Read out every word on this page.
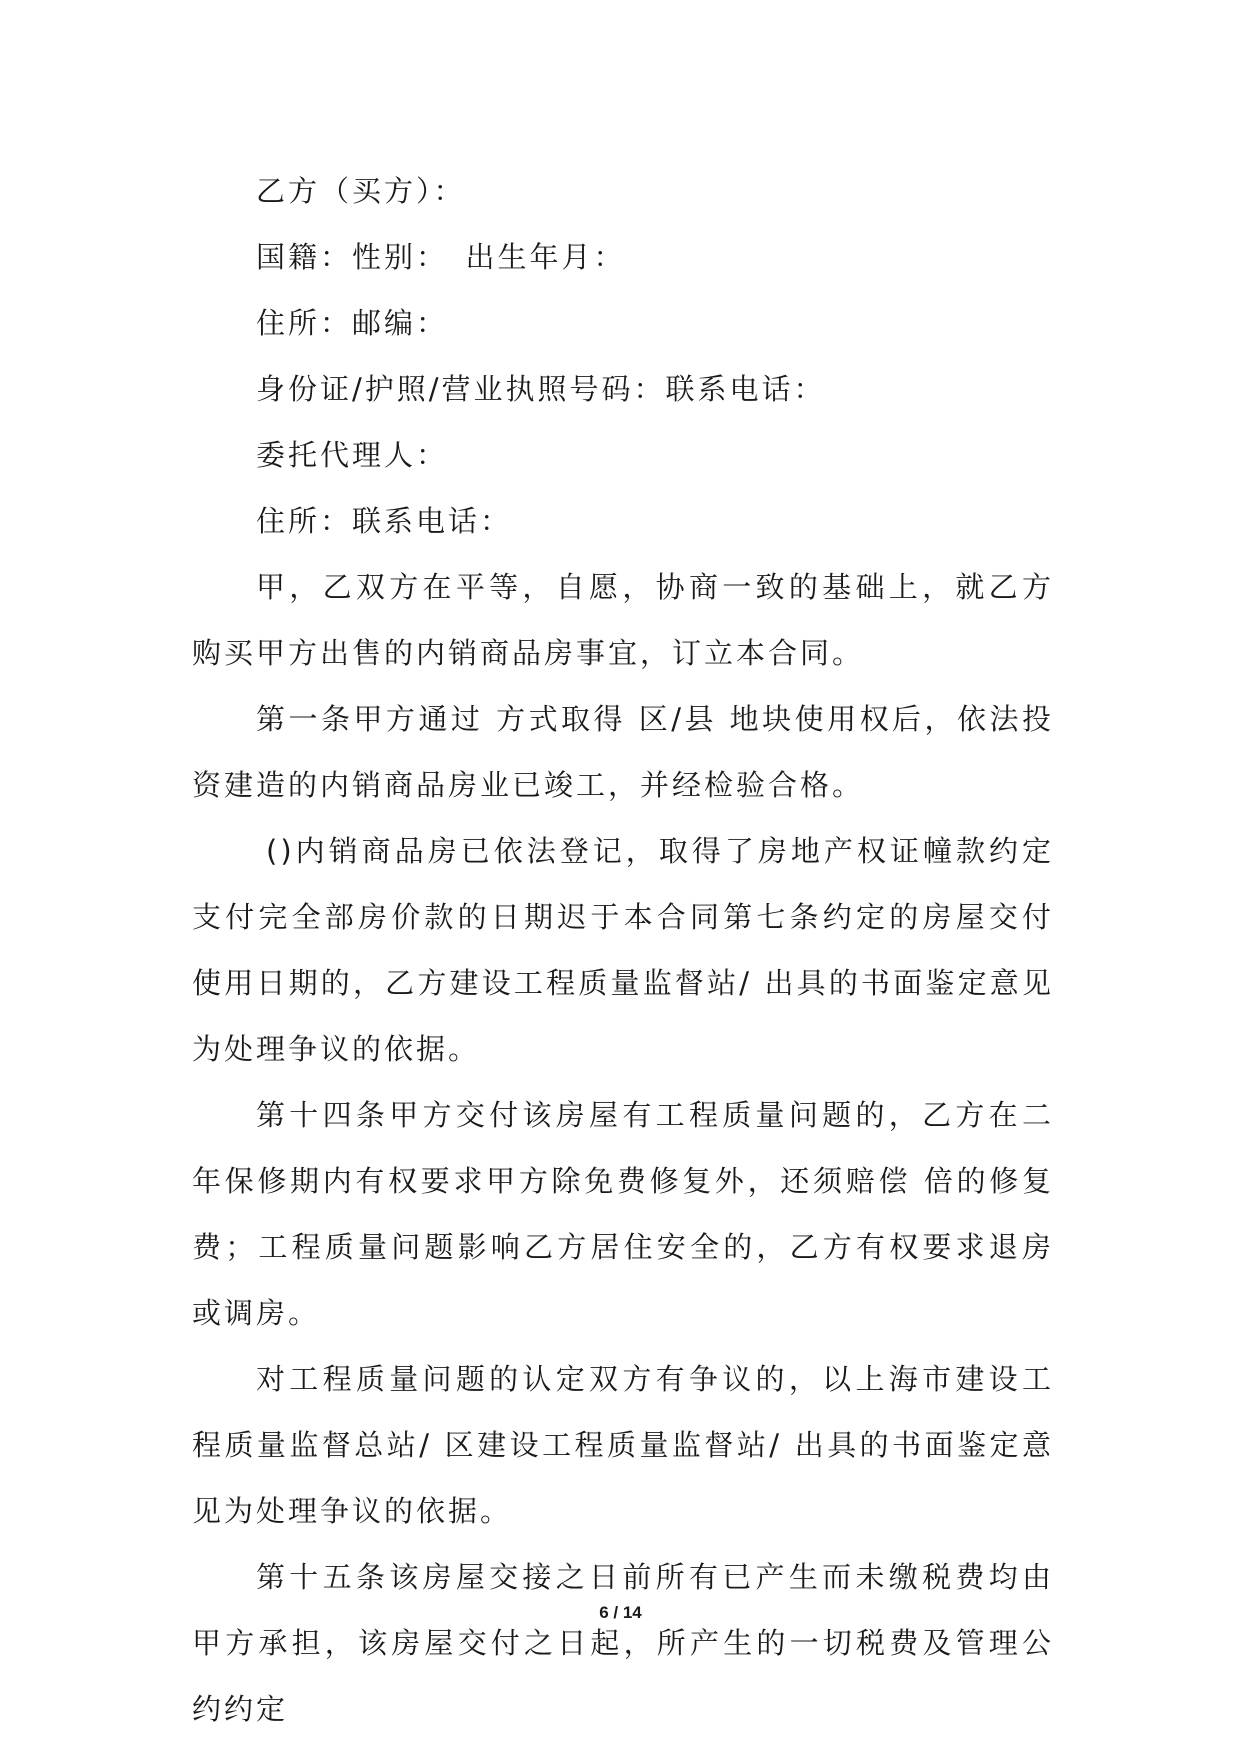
乙方（买方）：

国籍：性别：　出生年月：

住所：邮编：

身份证/护照/营业执照号码：联系电话：

委托代理人：

住所：联系电话：

甲，乙双方在平等，自愿，协商一致的基础上，就乙方购买甲方出售的内销商品房事宜，订立本合同。

第一条甲方通过 方式取得 区/县 地块使用权后，依法投资建造的内销商品房业已竣工，并经检验合格。

()内销商品房已依法登记，取得了房地产权证幢款约定支付完全部房价款的日期迟于本合同第七条约定的房屋交付使用日期的，乙方建设工程质量监督站/ 出具的书面鉴定意见为处理争议的依据。

第十四条甲方交付该房屋有工程质量问题的，乙方在二年保修期内有权要求甲方除免费修复外，还须赔偿 倍的修复费；工程质量问题影响乙方居住安全的，乙方有权要求退房或调房。

对工程质量问题的认定双方有争议的，以上海市建设工程质量监督总站/ 区建设工程质量监督站/ 出具的书面鉴定意见为处理争议的依据。

第十五条该房屋交接之日前所有已产生而未缴税费均由甲方承担，该房屋交付之日起，所产生的一切税费及管理公约约定

6 / 14
